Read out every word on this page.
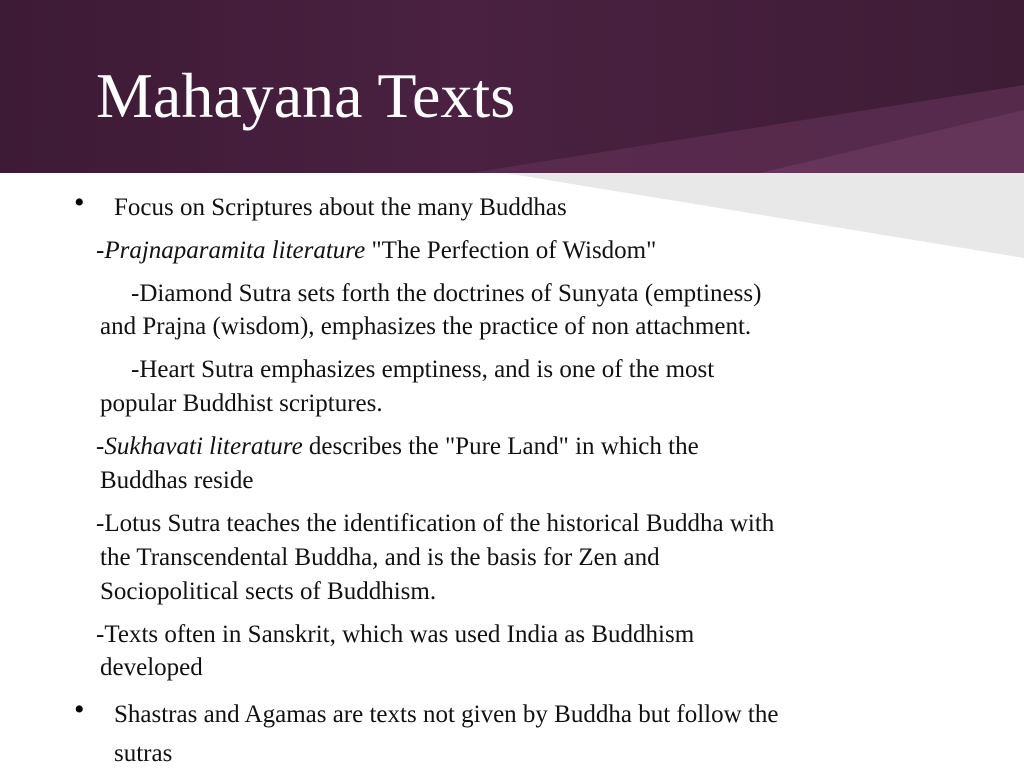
Mahayana Texts
• Focus on Scriptures about the many Buddhas
-Prajnaparamita literature "The Perfection of Wisdom"
-Diamond Sutra sets forth the doctrines of Sunyata (emptiness)
and Prajna (wisdom), emphasizes the practice of non attachment.
-Heart Sutra emphasizes emptiness, and is one of the most
popular Buddhist scriptures.
-Sukhavati literature describes the "Pure Land" in which the
Buddhas reside
-Lotus Sutra teaches the identification of the historical Buddha with
the Transcendental Buddha, and is the basis for Zen and
Sociopolitical sects of Buddhism.
-Texts often in Sanskrit, which was used India as Buddhism
developed
• Shastras and Agamas are texts not given by Buddha but follow the
sutras
